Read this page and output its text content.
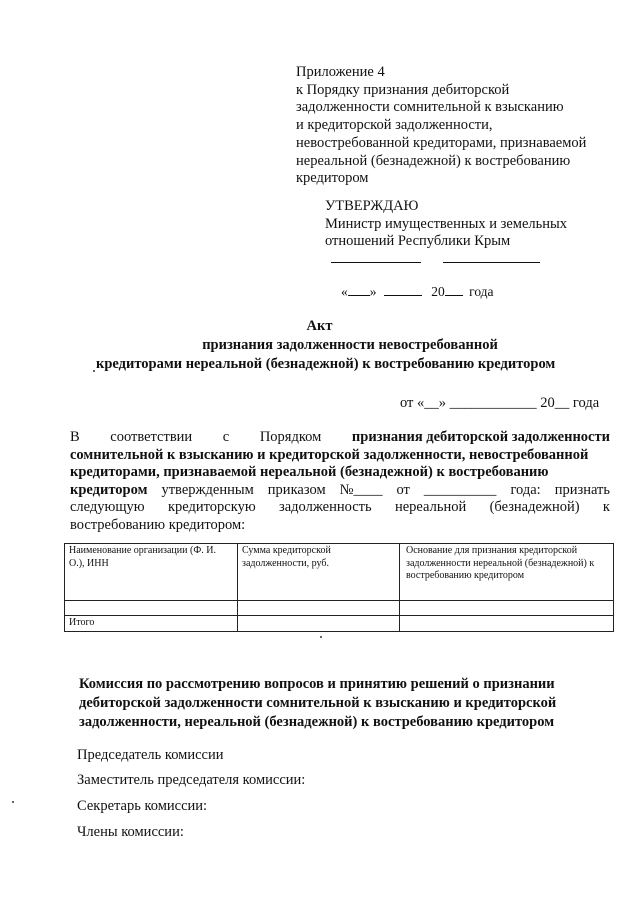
Приложение 4
к Порядку признания дебиторской
задолженности сомнительной к взысканию
и кредиторской задолженности,
невостребованной кредиторами, признаваемой
нереальной (безнадежной) к востребованию
кредитором
УТВЕРЖДАЮ
Министр имущественных и земельных
отношений Республики Крым
« »	20 года
Акт
признания задолженности невостребованной
кредиторами нереальной (безнадежной) к востребованию кредитором
от «__» ____________ 20__ года
В соответствии с Порядком признания дебиторской задолженности
сомнительной к взысканию и кредиторской задолженности, невостребованной
кредиторами, признаваемой нереальной (безнадежной) к востребованию
кредитором утвержденным приказом №____ от __________ года: признать
следующую кредиторскую задолженность нереальной (безнадежной) к
востребованию кредитором:
Наименование организации (Ф. И. О.), ИНН	Сумма кредиторской задолженности, руб.	Основание для признания кредиторской задолженности нереальной (безнадежной) к востребованию кредитором

Итого		
Комиссия по рассмотрению вопросов и принятию решений о признании
дебиторской задолженности сомнительной к взысканию и кредиторской
задолженности, нереальной (безнадежной) к востребованию кредитором
Председатель комиссии
Заместитель председателя комиссии:
Секретарь комиссии:
Члены комиссии:
